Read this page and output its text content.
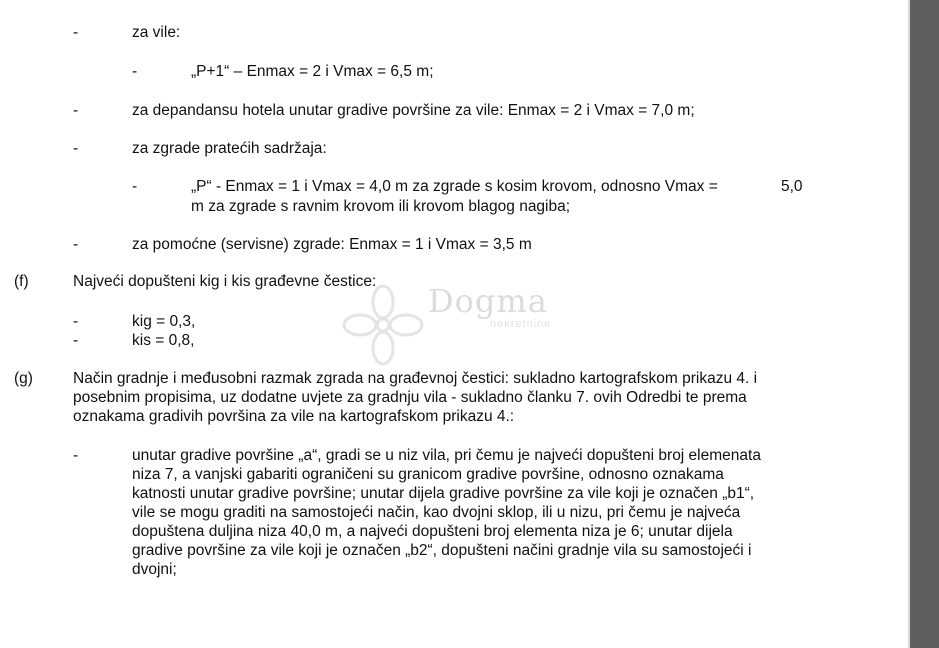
-	za vile:
-	„P+1“ – Enmax = 2 i Vmax = 6,5 m;
-	za depandansu hotela unutar gradive površine za vile: Enmax = 2 i Vmax = 7,0 m;
-	za zgrade pratećih sadržaja:
-	„P“ - Enmax = 1 i Vmax = 4,0 m za zgrade s kosim krovom, odnosno Vmax =	5,0
m za zgrade s ravnim krovom ili krovom blagog nagiba;
-	za pomoćne (servisne) zgrade: Enmax = 1 i Vmax = 3,5 m
Dogma
nekretnine
(f)	Najveći dopušteni kig i kis građevne čestice:
-	kig = 0,3,
-	kis = 0,8,
(g)	Način gradnje i međusobni razmak zgrada na građevnoj čestici: sukladno kartografskom prikazu 4. i
posebnim propisima, uz dodatne uvjete za gradnju vila - sukladno članku 7. ovih Odredbi te prema
oznakama gradivih površina za vile na kartografskom prikazu 4.:
-	unutar gradive površine „a“, gradi se u niz vila, pri čemu je najveći dopušteni broj elemenata
niza 7, a vanjski gabariti ograničeni su granicom gradive površine, odnosno oznakama
katnosti unutar gradive površine; unutar dijela gradive površine za vile koji je označen „b1“,
vile se mogu graditi na samostojeći način, kao dvojni sklop, ili u nizu, pri čemu je najveća
dopuštena duljina niza 40,0 m, a najveći dopušteni broj elementa niza je 6; unutar dijela
gradive površine za vile koji je označen „b2“, dopušteni načini gradnje vila su samostojeći i
dvojni;
